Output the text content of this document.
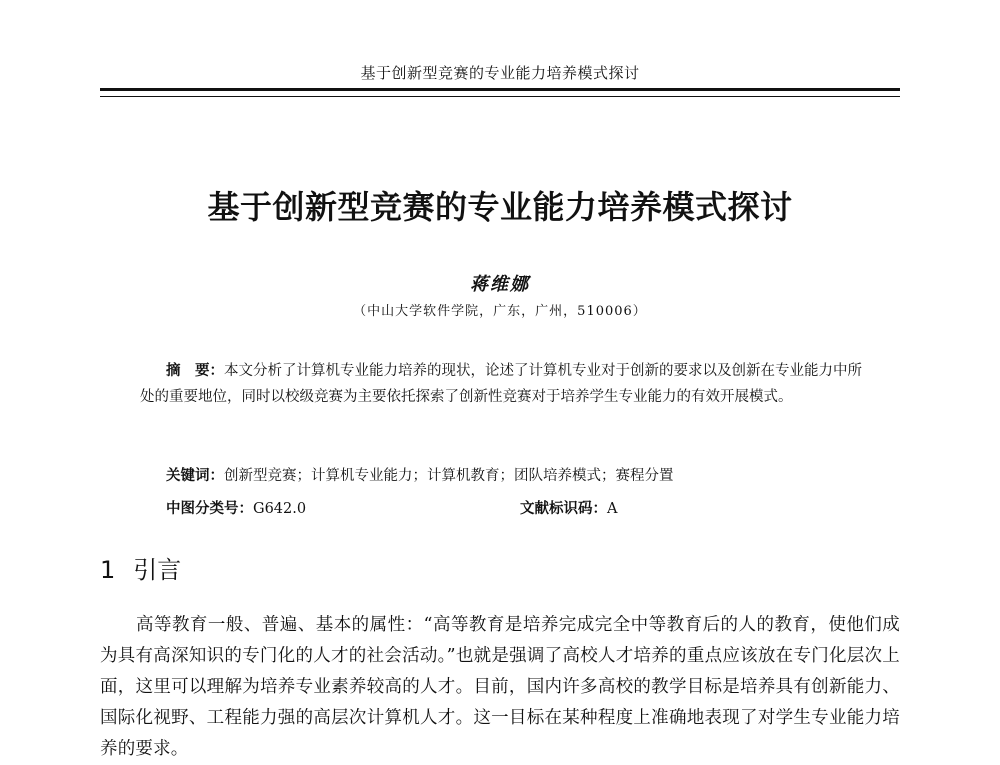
基于创新型竞赛的专业能力培养模式探讨
基于创新型竞赛的专业能力培养模式探讨
蒋维娜
（中山大学软件学院，广东，广州，510006）

摘　要：本文分析了计算机专业能力培养的现状，论述了计算机专业对于创新的要求以及创新在专业能力中所处的重要地位，同时以校级竞赛为主要依托探索了创新性竞赛对于培养学生专业能力的有效开展模式。

关键词：创新型竞赛；计算机专业能力；计算机教育；团队培养模式；赛程分置
中图分类号：G642.0	文献标识码：A
1 引言

高等教育一般、普遍、基本的属性：“高等教育是培养完成完全中等教育后的人的教育，使他们成为具有高深知识的专门化的人才的社会活动。”也就是强调了高校人才培养的重点应该放在专门化层次上面，这里可以理解为培养专业素养较高的人才。目前，国内许多高校的教学目标是培养具有创新能力、国际化视野、工程能力强的高层次计算机人才。这一目标在某种程度上准确地表现了对学生专业能力培养的要求。
